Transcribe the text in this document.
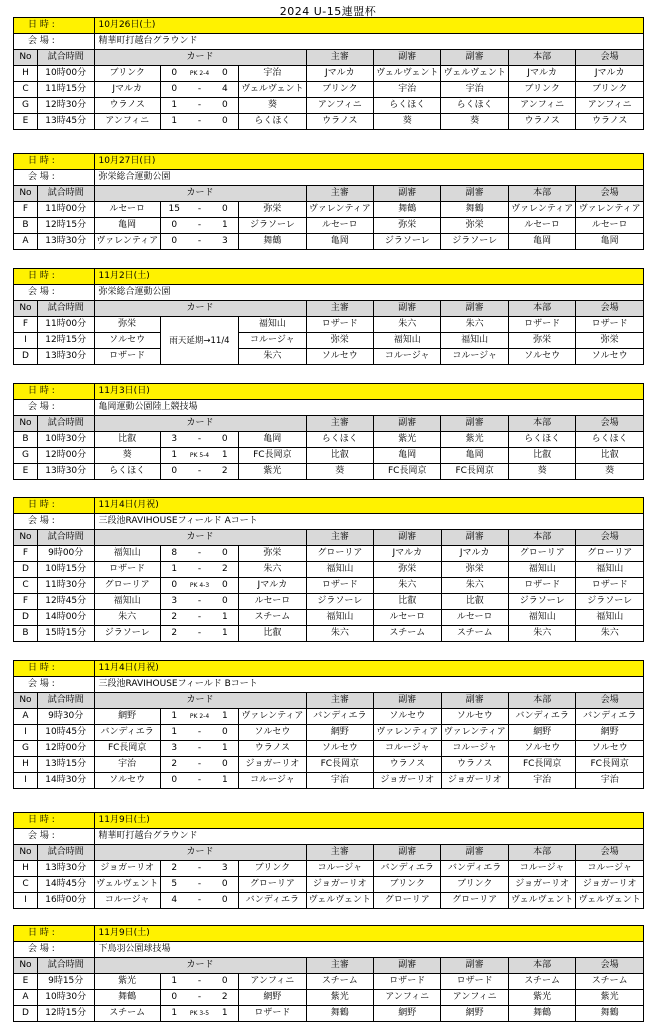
2024 U-15連盟杯
日 時 :		10月26日(土)									
会 場 :		精華町打越台グラウンド									
No	試合時間	カード					主審	副審	副審	本部	会場
H	10時00分	ブリンク	0	PK 2-4	0	宇治	Jマルカ	ヴェルヴェント	ヴェルヴェント	Jマルカ	Jマルカ
C	11時15分	Jマルカ	0	-	4	ヴェルヴェント	ブリンク	宇治	宇治	ブリンク	ブリンク
G	12時30分	ウラノス	1	-	0	葵	アンフィニ	らくほく	らくほく	アンフィニ	アンフィニ
E	13時45分	アンフィニ	1	-	0	らくほく	ウラノス	葵	葵	ウラノス	ウラノス
日 時 :		10月27日(日)									
会 場 :		弥栄総合運動公園									
No	試合時間	カード					主審	副審	副審	本部	会場
F	11時00分	ルセーロ	15	-	0	弥栄	ヴァレンティア	舞鶴	舞鶴	ヴァレンティア	ヴァレンティア
B	12時15分	亀岡	0	-	1	ジラソーレ	ルセーロ	弥栄	弥栄	ルセーロ	ルセーロ
A	13時30分	ヴァレンティア	0	-	3	舞鶴	亀岡	ジラソーレ	ジラソーレ	亀岡	亀岡
日 時 :		11月2日(土)							
会 場 :		弥栄総合運動公園							
No	試合時間	カード			主審	副審	副審	本部	会場
F	11時00分	弥栄	雨天延期→11/4	福知山	ロザード	朱六	朱六	ロザード	ロザード
I	12時15分	ソルセウ		コルージャ	弥栄	福知山	福知山	弥栄	弥栄
D	13時30分	ロザード		朱六	ソルセウ	コルージャ	コルージャ	ソルセウ	ソルセウ
日 時 :		11月3日(日)									
会 場 :		亀岡運動公園陸上競技場									
No	試合時間	カード					主審	副審	副審	本部	会場
B	10時30分	比叡	3	-	0	亀岡	らくほく	紫光	紫光	らくほく	らくほく
G	12時00分	葵	1	PK 5-4	1	FC長岡京	比叡	亀岡	亀岡	比叡	比叡
E	13時30分	らくほく	0	-	2	紫光	葵	FC長岡京	FC長岡京	葵	葵
日 時 :		11月4日(月祝)									
会 場 :		三段池RAVIHOUSEフィールド Aコート									
No	試合時間	カード					主審	副審	副審	本部	会場
F	9時00分	福知山	8	-	0	弥栄	グローリア	Jマルカ	Jマルカ	グローリア	グローリア
D	10時15分	ロザード	1	-	2	朱六	福知山	弥栄	弥栄	福知山	福知山
C	11時30分	グローリア	0	PK 4-3	0	Jマルカ	ロザード	朱六	朱六	ロザード	ロザード
F	12時45分	福知山	3	-	0	ルセーロ	ジラソーレ	比叡	比叡	ジラソーレ	ジラソーレ
D	14時00分	朱六	2	-	1	スチーム	福知山	ルセーロ	ルセーロ	福知山	福知山
B	15時15分	ジラソーレ	2	-	1	比叡	朱六	スチーム	スチーム	朱六	朱六
日 時 :		11月4日(月祝)									
会 場 :		三段池RAVIHOUSEフィールド Bコート									
No	試合時間	カード					主審	副審	副審	本部	会場
A	9時30分	網野	1	PK 2-4	1	ヴァレンティア	バンディエラ	ソルセウ	ソルセウ	バンディエラ	バンディエラ
I	10時45分	バンディエラ	1	-	0	ソルセウ	網野	ヴァレンティア	ヴァレンティア	網野	網野
G	12時00分	FC長岡京	3	-	1	ウラノス	ソルセウ	コルージャ	コルージャ	ソルセウ	ソルセウ
H	13時15分	宇治	2	-	0	ジョガーリオ	FC長岡京	ウラノス	ウラノス	FC長岡京	FC長岡京
I	14時30分	ソルセウ	0	-	1	コルージャ	宇治	ジョガーリオ	ジョガーリオ	宇治	宇治
日 時 :		11月9日(土)									
会 場 :		精華町打越台グラウンド									
No	試合時間	カード					主審	副審	副審	本部	会場
H	13時30分	ジョガーリオ	2	-	3	ブリンク	コルージャ	バンディエラ	バンディエラ	コルージャ	コルージャ
C	14時45分	ヴェルヴェント	5	-	0	グローリア	ジョガーリオ	ブリンク	ブリンク	ジョガーリオ	ジョガーリオ
I	16時00分	コルージャ	4	-	0	バンディエラ	ヴェルヴェント	グローリア	グローリア	ヴェルヴェント	ヴェルヴェント
日 時 :		11月9日(土)									
会 場 :		下鳥羽公園球技場									
No	試合時間	カード					主審	副審	副審	本部	会場
E	9時15分	紫光	1	-	0	アンフィニ	スチーム	ロザード	ロザード	スチーム	スチーム
A	10時30分	舞鶴	0	-	2	網野	紫光	アンフィニ	アンフィニ	紫光	紫光
D	12時15分	スチーム	1	PK 3-5	1	ロザード	舞鶴	網野	網野	舞鶴	舞鶴
